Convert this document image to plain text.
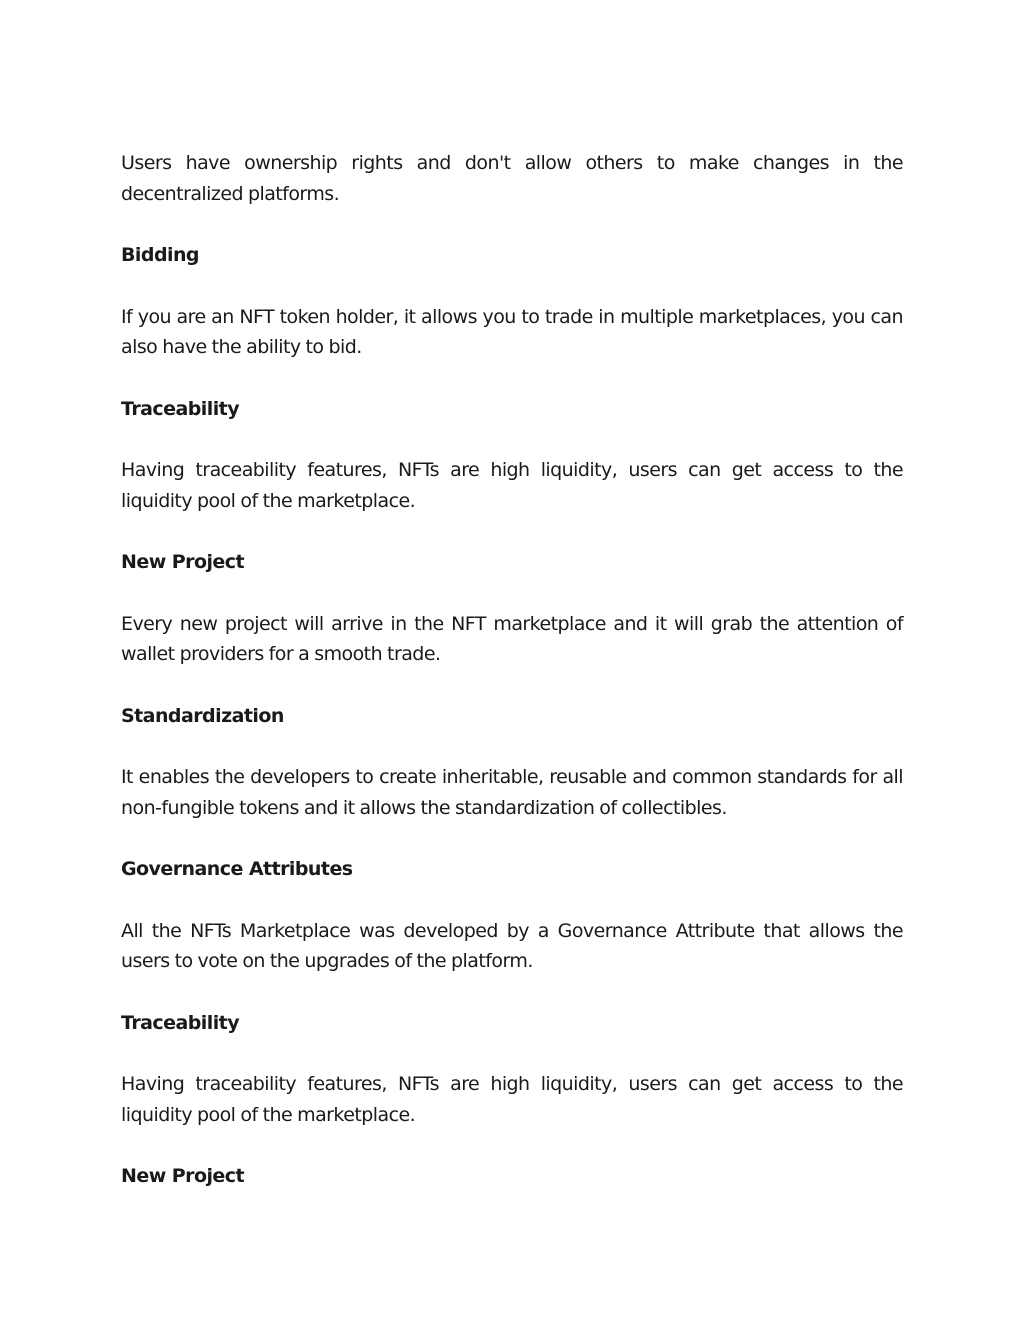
Users have ownership rights and don't allow others to make changes in the decentralized platforms.

Bidding

If you are an NFT token holder, it allows you to trade in multiple marketplaces, you can also have the ability to bid.

Traceability

Having traceability features, NFTs are high liquidity, users can get access to the liquidity pool of the marketplace.

New Project

Every new project will arrive in the NFT marketplace and it will grab the attention of wallet providers for a smooth trade.

Standardization

It enables the developers to create inheritable, reusable and common standards for all non-fungible tokens and it allows the standardization of collectibles.

Governance Attributes

All the NFTs Marketplace was developed by a Governance Attribute that allows the users to vote on the upgrades of the platform.

Traceability

Having traceability features, NFTs are high liquidity, users can get access to the liquidity pool of the marketplace.

New Project
